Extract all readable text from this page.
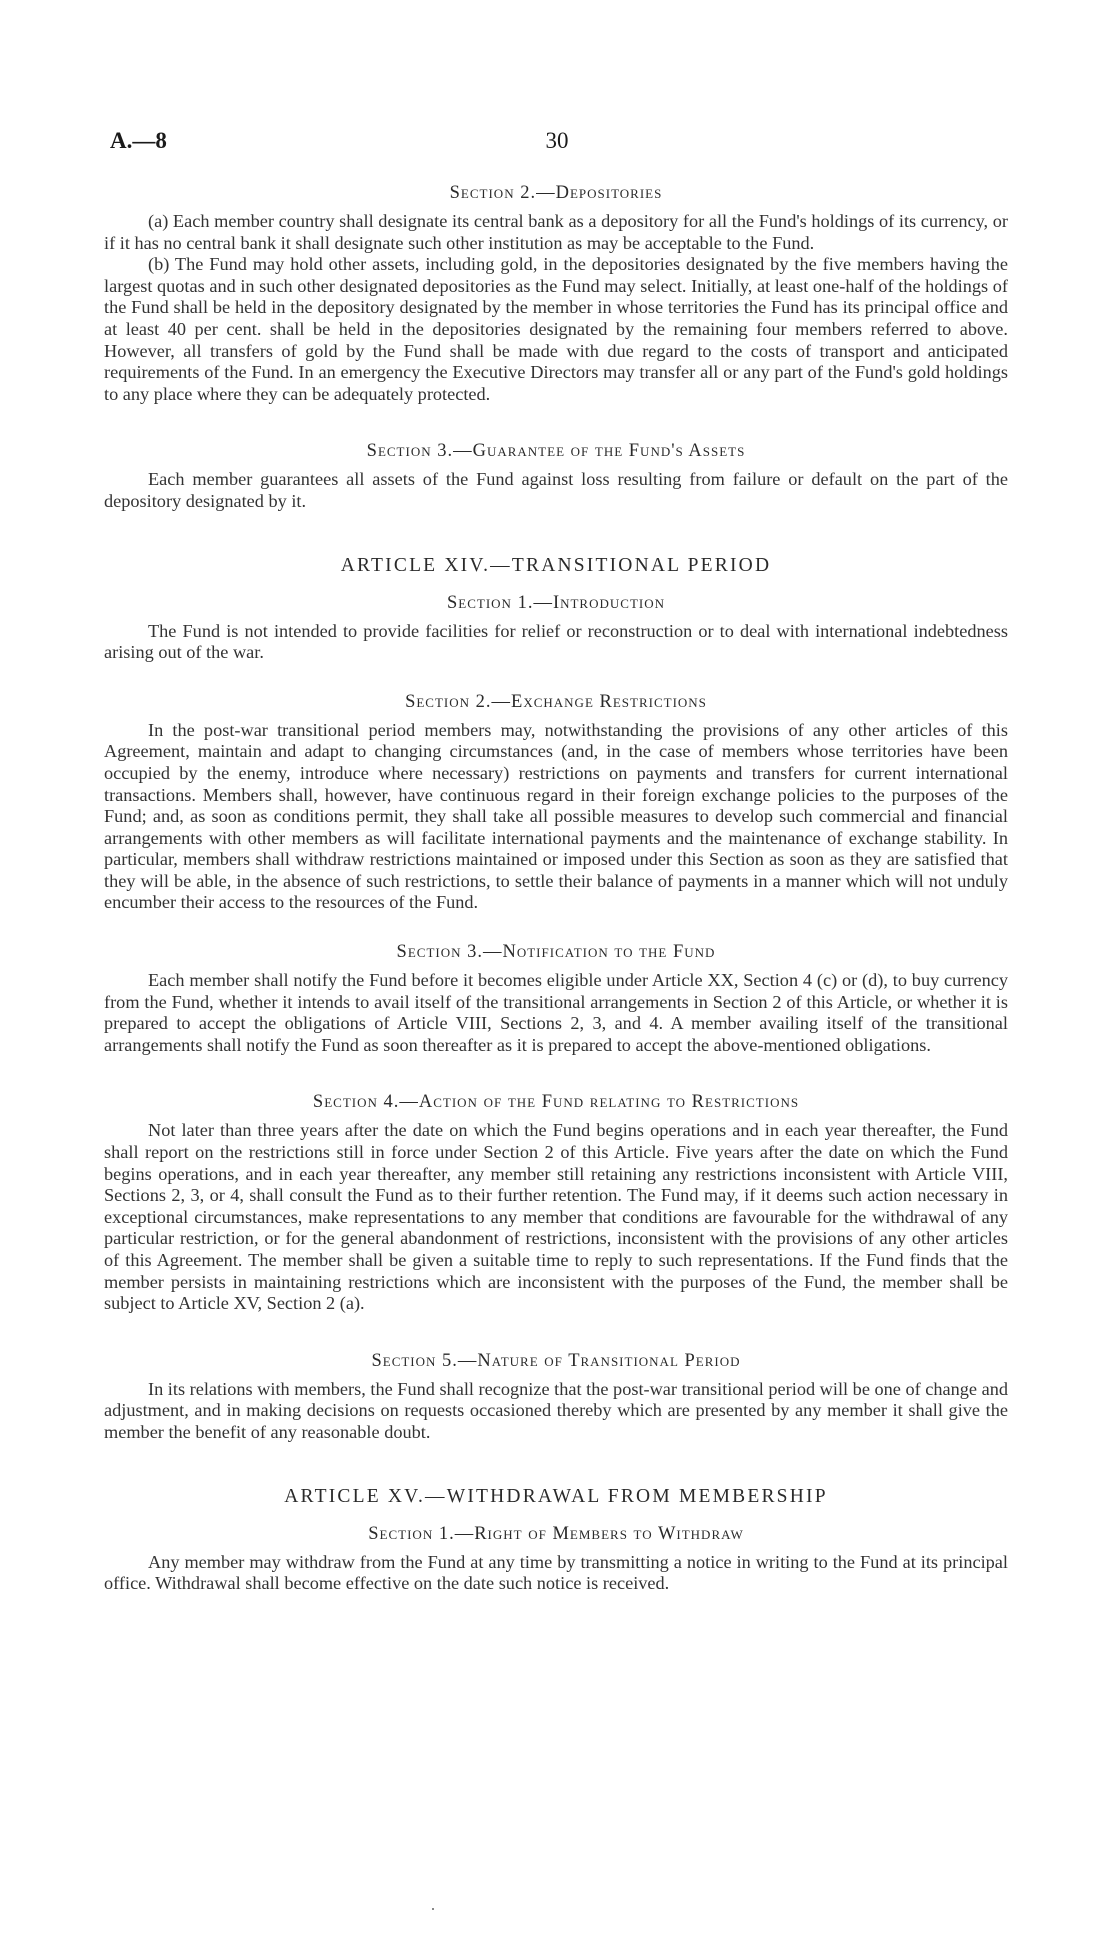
A.—8	30
Section 2.—Depositories

(a) Each member country shall designate its central bank as a depository for all the Fund's holdings of its currency, or if it has no central bank it shall designate such other institution as may be acceptable to the Fund.

(b) The Fund may hold other assets, including gold, in the depositories designated by the five members having the largest quotas and in such other designated depositories as the Fund may select. Initially, at least one-half of the holdings of the Fund shall be held in the depository designated by the member in whose territories the Fund has its principal office and at least 40 per cent. shall be held in the depositories designated by the remaining four members referred to above. However, all transfers of gold by the Fund shall be made with due regard to the costs of transport and anticipated requirements of the Fund. In an emergency the Executive Directors may transfer all or any part of the Fund's gold holdings to any place where they can be adequately protected.

Section 3.—Guarantee of the Fund's Assets

Each member guarantees all assets of the Fund against loss resulting from failure or default on the part of the depository designated by it.

ARTICLE XIV.—TRANSITIONAL PERIOD
Section 1.—Introduction

The Fund is not intended to provide facilities for relief or reconstruction or to deal with international indebtedness arising out of the war.

Section 2.—Exchange Restrictions

In the post-war transitional period members may, notwithstanding the provisions of any other articles of this Agreement, maintain and adapt to changing circumstances (and, in the case of members whose territories have been occupied by the enemy, introduce where necessary) restrictions on payments and transfers for current international transactions. Members shall, however, have continuous regard in their foreign exchange policies to the purposes of the Fund; and, as soon as conditions permit, they shall take all possible measures to develop such commercial and financial arrangements with other members as will facilitate international payments and the maintenance of exchange stability. In particular, members shall withdraw restrictions maintained or imposed under this Section as soon as they are satisfied that they will be able, in the absence of such restrictions, to settle their balance of payments in a manner which will not unduly encumber their access to the resources of the Fund.

Section 3.—Notification to the Fund

Each member shall notify the Fund before it becomes eligible under Article XX, Section 4 (c) or (d), to buy currency from the Fund, whether it intends to avail itself of the transitional arrangements in Section 2 of this Article, or whether it is prepared to accept the obligations of Article VIII, Sections 2, 3, and 4. A member availing itself of the transitional arrangements shall notify the Fund as soon thereafter as it is prepared to accept the above-mentioned obligations.

Section 4.—Action of the Fund relating to Restrictions

Not later than three years after the date on which the Fund begins operations and in each year thereafter, the Fund shall report on the restrictions still in force under Section 2 of this Article. Five years after the date on which the Fund begins operations, and in each year thereafter, any member still retaining any restrictions inconsistent with Article VIII, Sections 2, 3, or 4, shall consult the Fund as to their further retention. The Fund may, if it deems such action necessary in exceptional circumstances, make representations to any member that conditions are favourable for the withdrawal of any particular restriction, or for the general abandonment of restrictions, inconsistent with the provisions of any other articles of this Agreement. The member shall be given a suitable time to reply to such representations. If the Fund finds that the member persists in maintaining restrictions which are inconsistent with the purposes of the Fund, the member shall be subject to Article XV, Section 2 (a).

Section 5.—Nature of Transitional Period

In its relations with members, the Fund shall recognize that the post-war transitional period will be one of change and adjustment, and in making decisions on requests occasioned thereby which are presented by any member it shall give the member the benefit of any reasonable doubt.

ARTICLE XV.—WITHDRAWAL FROM MEMBERSHIP
Section 1.—Right of Members to Withdraw

Any member may withdraw from the Fund at any time by transmitting a notice in writing to the Fund at its principal office. Withdrawal shall become effective on the date such notice is received.
